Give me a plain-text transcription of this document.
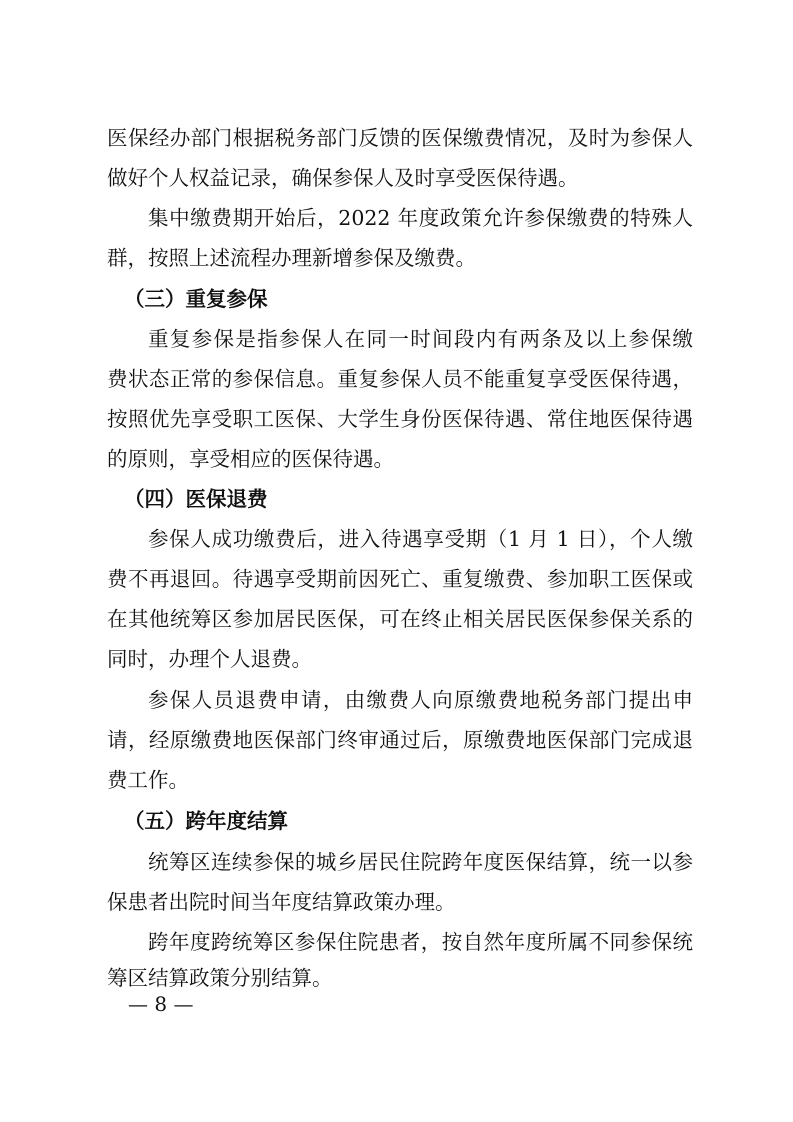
医保经办部门根据税务部门反馈的医保缴费情况，及时为参保人
做好个人权益记录，确保参保人及时享受医保待遇。
集中缴费期开始后，2022 年度政策允许参保缴费的特殊人
群，按照上述流程办理新增参保及缴费。
（三）重复参保
重复参保是指参保人在同一时间段内有两条及以上参保缴
费状态正常的参保信息。重复参保人员不能重复享受医保待遇，
按照优先享受职工医保、大学生身份医保待遇、常住地医保待遇
的原则，享受相应的医保待遇。
（四）医保退费
参保人成功缴费后，进入待遇享受期（1 月 1 日），个人缴
费不再退回。待遇享受期前因死亡、重复缴费、参加职工医保或
在其他统筹区参加居民医保，可在终止相关居民医保参保关系的
同时，办理个人退费。
参保人员退费申请，由缴费人向原缴费地税务部门提出申
请，经原缴费地医保部门终审通过后，原缴费地医保部门完成退
费工作。
（五）跨年度结算
统筹区连续参保的城乡居民住院跨年度医保结算，统一以参
保患者出院时间当年度结算政策办理。
跨年度跨统筹区参保住院患者，按自然年度所属不同参保统
筹区结算政策分别结算。
— 8 —
